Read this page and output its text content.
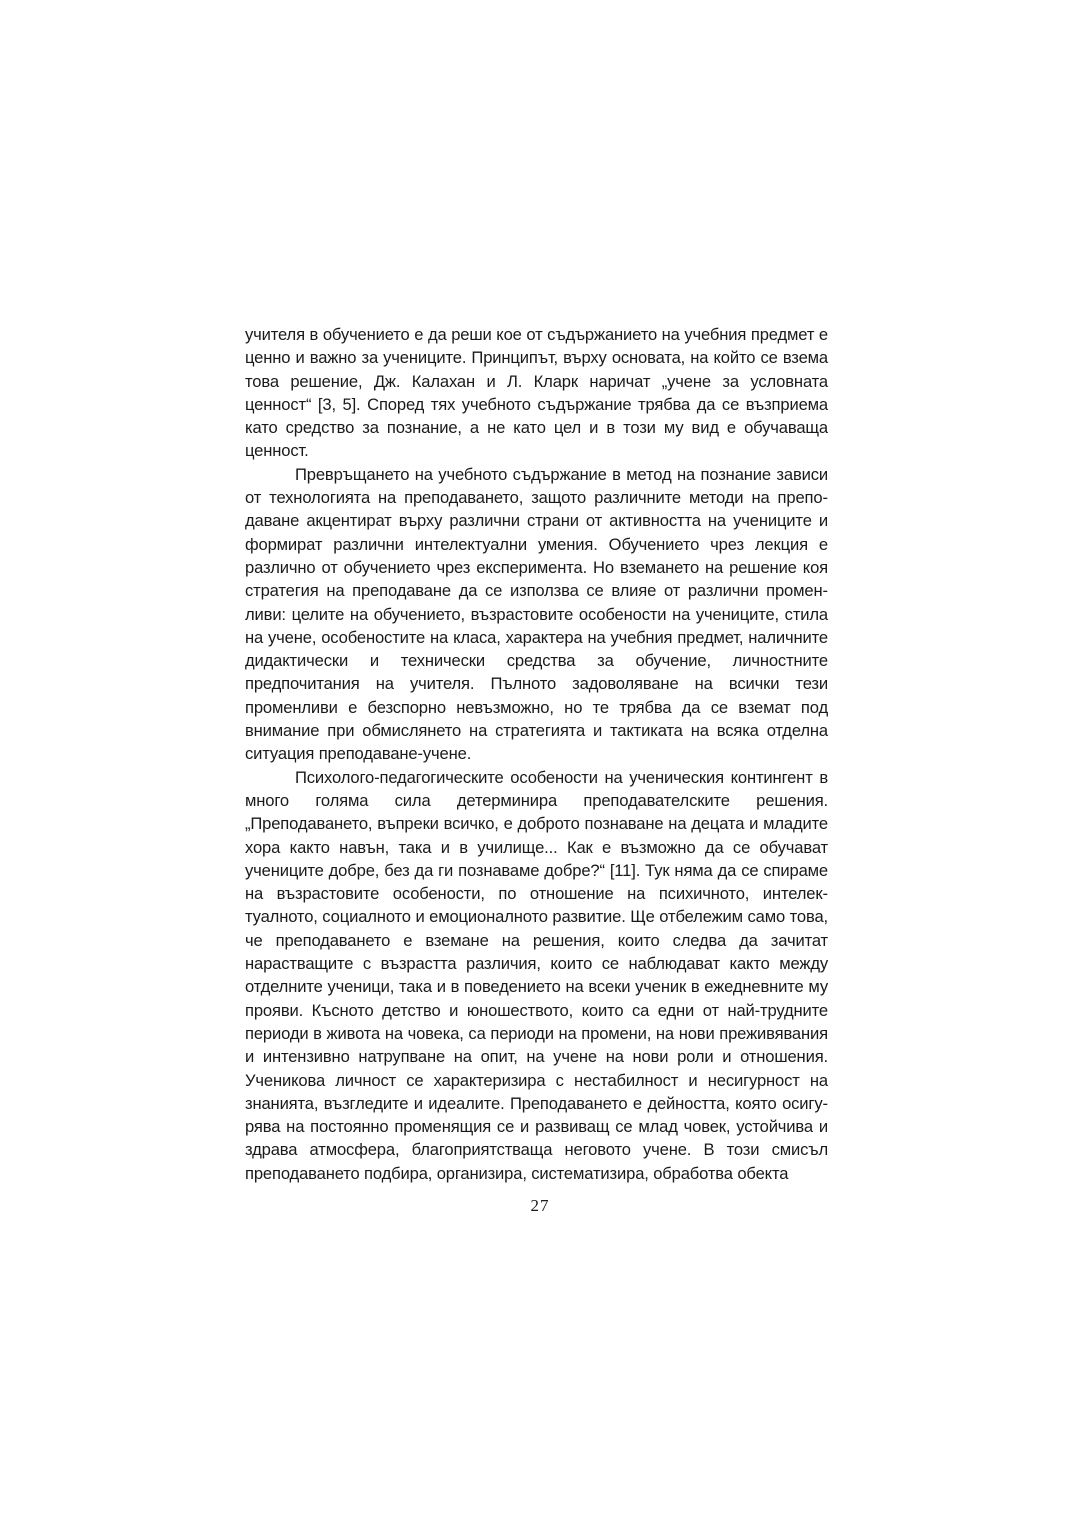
учителя в обучението е да реши кое от съдържанието на учебния предмет е ценно и важно за учениците. Принципът, върху основата, на който се взема това решение, Дж. Калахан и Л. Кларк наричат „учене за условната ценност“ [3, 5]. Според тях учебното съдържание трябва да се възприема като средство за познание, а не като цел и в този му вид е обучаваща ценност.

Превръщането на учебното съдържание в метод на познание зависи от технологията на преподаването, защото различните методи на преподаване акцентират върху различни страни от активността на учениците и формират различни интелектуални умения. Обучението чрез лекция е различно от обучението чрез експеримента. Но вземането на решение коя стратегия на преподаване да се използва се влияе от различни променливи: целите на обучението, възрастовите особености на учениците, стила на учене, особеностите на класа, характера на учебния предмет, наличните дидактически и технически средства за обучение, личностните предпочитания на учителя. Пълното задоволяване на всички тези променливи е безспорно невъзможно, но те трябва да се вземат под внимание при обмислянето на стратегията и тактиката на всяка отделна ситуация преподаване-учене.

Психолого-педагогическите особености на ученическия контингент в много голяма сила детерминира преподавателските решения. „Преподаването, въпреки всичко, е доброто познаване на децата и младите хора както навън, така и в училище... Как е възможно да се обучават учениците добре, без да ги познаваме добре?“ [11]. Тук няма да се спираме на възрастовите особености, по отношение на психичното, интелектуалното, социалното и емоционалното развитие. Ще отбележим само това, че преподаването е вземане на решения, които следва да зачитат нарастващите с възрастта различия, които се наблюдават както между отделните ученици, така и в поведението на всеки ученик в ежедневните му прояви. Късното детство и юношеството, които са едни от най-трудните периоди в живота на човека, са периоди на промени, на нови преживявания и интензивно натрупване на опит, на учене на нови роли и отношения. Ученикова личност се характеризира с нестабилност и несигурност на знанията, възгледите и идеалите. Преподаването е дейността, която осигурява на постоянно променящия се и развиващ се млад човек, устойчива и здрава атмосфера, благоприятстваща неговото учене. В този смисъл преподаването подбира, организира, систематизира, обработва обекта

27
